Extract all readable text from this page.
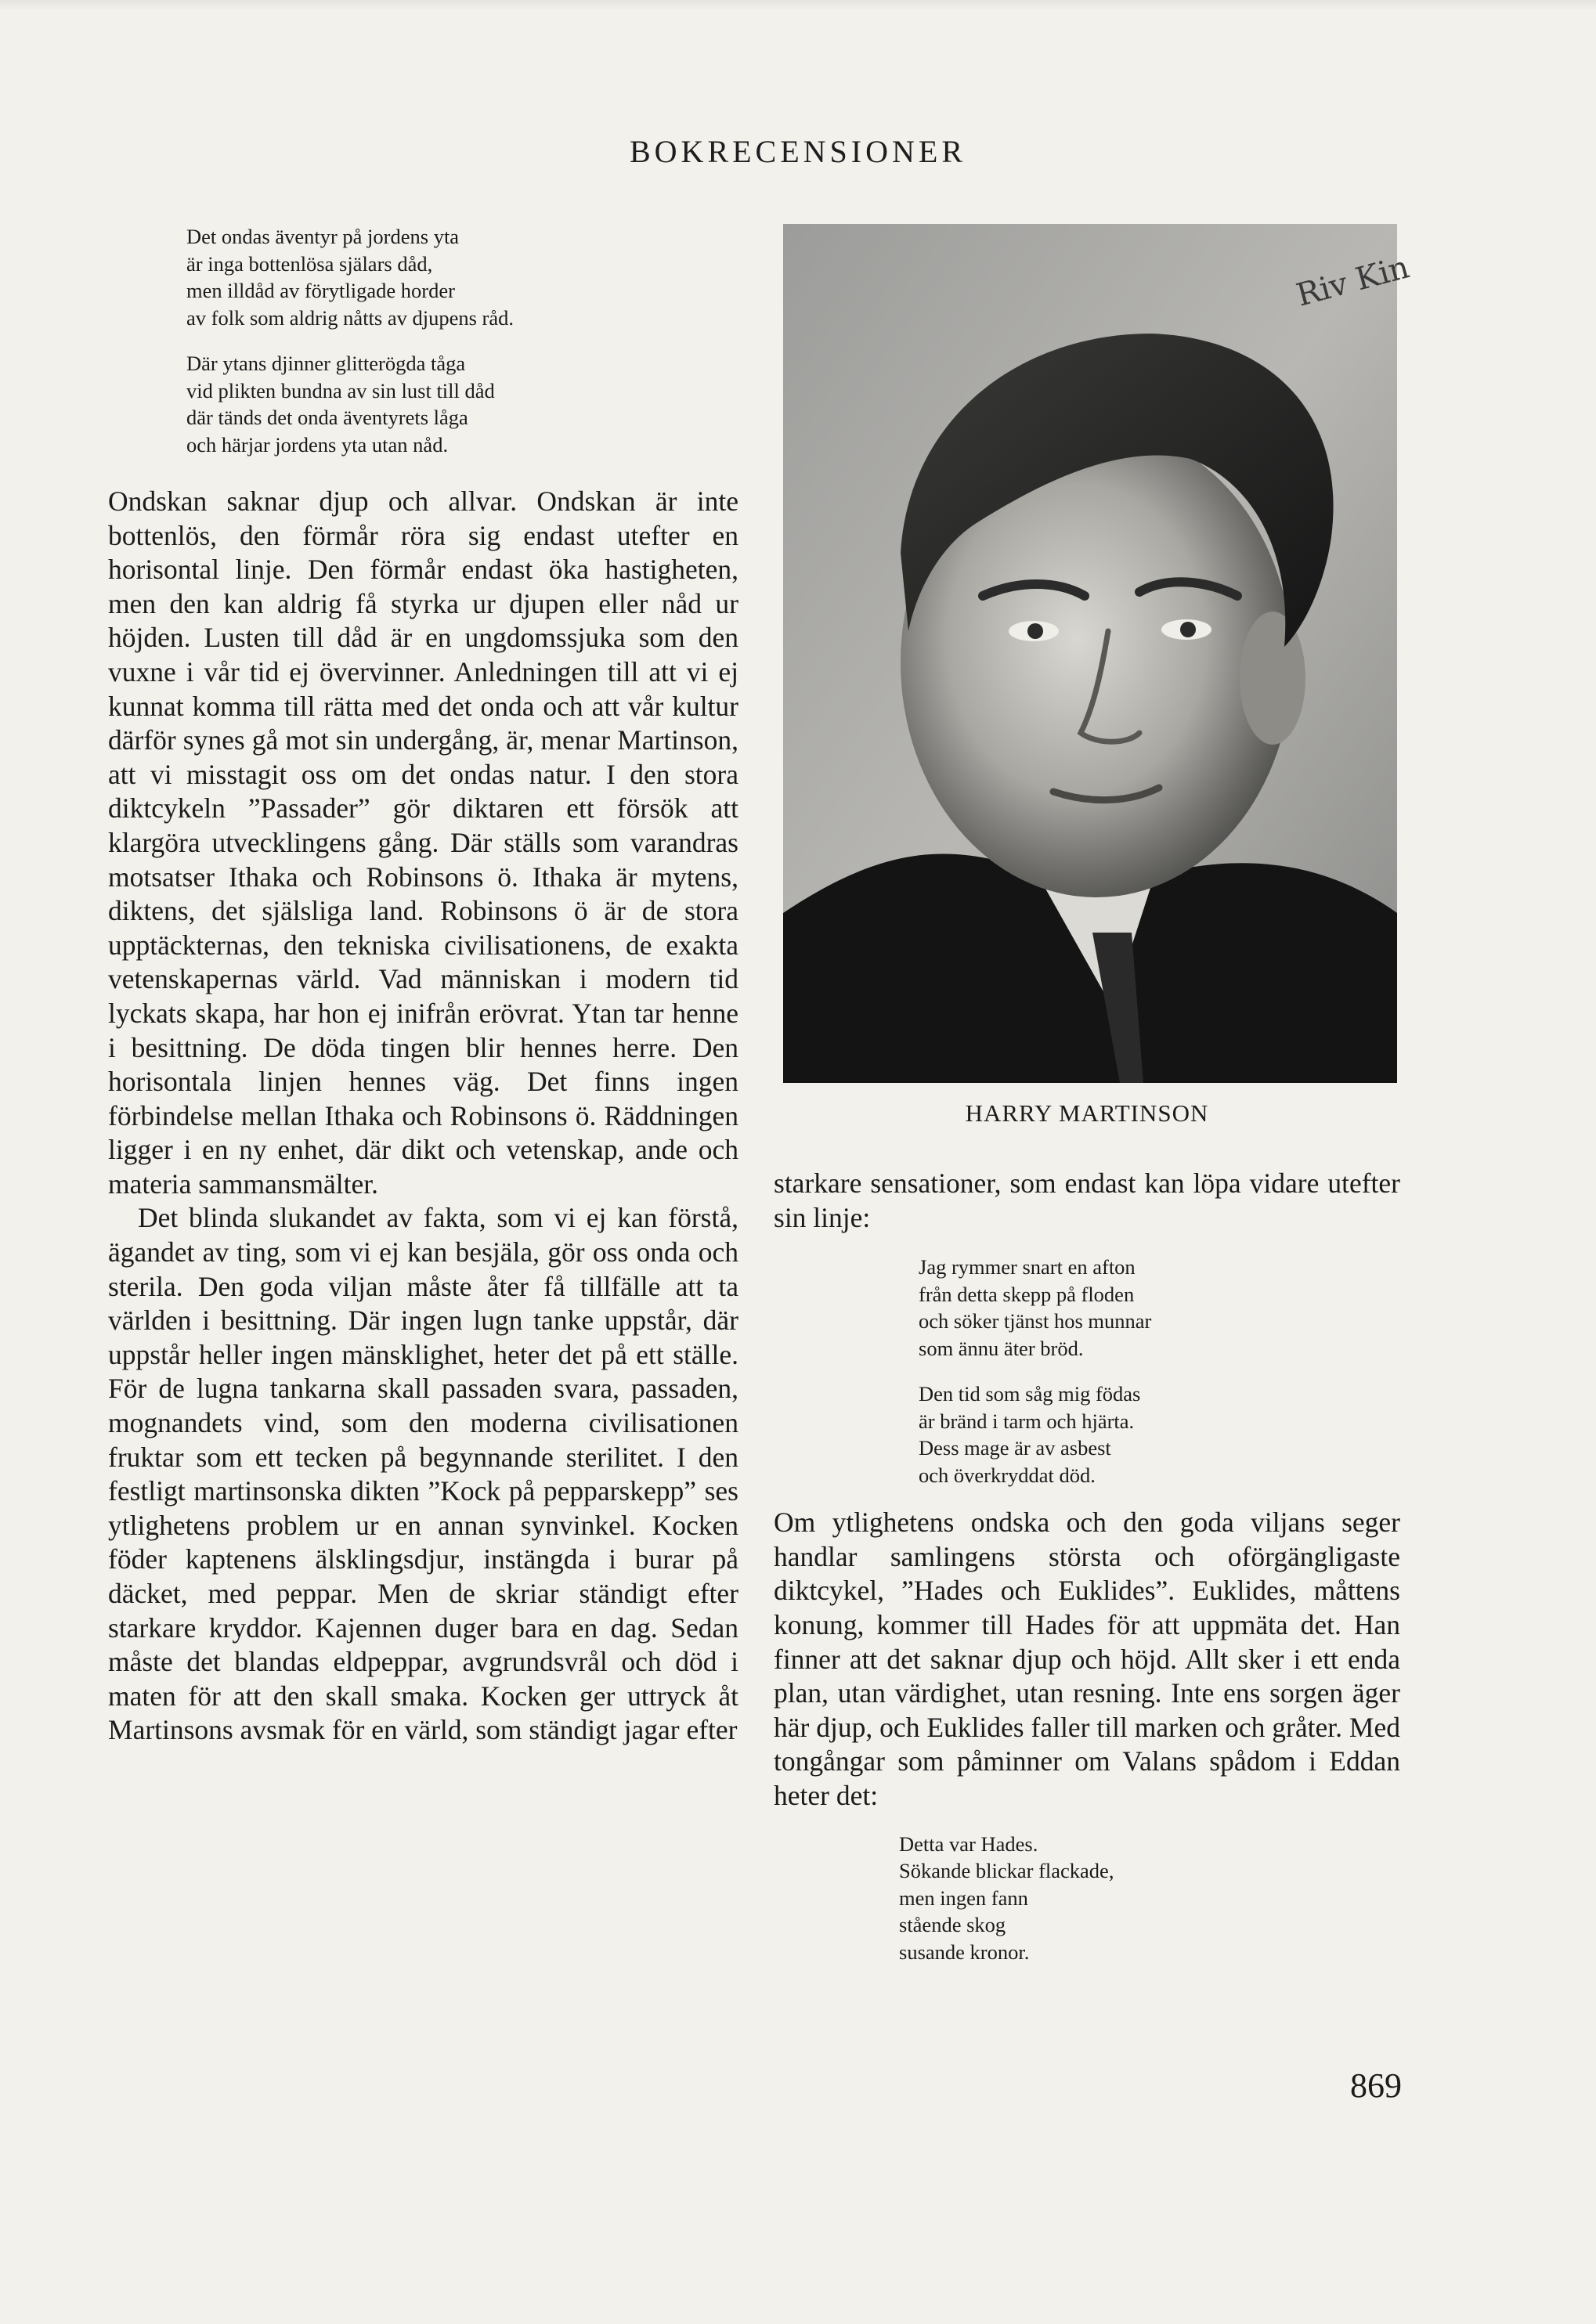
BOKRECENSIONER
Det ondas äventyr på jordens yta
är inga bottenlösa själars dåd,
men illdåd av förytligade horder
av folk som aldrig nåtts av djupens råd.
Där ytans djinner glitterögda tåga
vid plikten bundna av sin lust till dåd
där tänds det onda äventyrets låga
och härjar jordens yta utan nåd.

Ondskan saknar djup och allvar. Ondskan är inte bottenlös, den förmår röra sig endast utefter en horisontal linje. Den förmår endast öka hastigheten, men den kan aldrig få styrka ur djupen eller nåd ur höjden. Lusten till dåd är en ungdomssjuka som den vuxne i vår tid ej övervinner. Anledningen till att vi ej kunnat komma till rätta med det onda och att vår kultur därför synes gå mot sin undergång, är, menar Martinson, att vi misstagit oss om det ondas natur. I den stora diktcykeln ”Passader” gör diktaren ett försök att klargöra utvecklingens gång. Där ställs som varandras motsatser Ithaka och Robinsons ö. Ithaka är mytens, diktens, det själsliga land. Robinsons ö är de stora upptäckternas, den tekniska civilisationens, de exakta vetenskapernas värld. Vad människan i modern tid lyckats skapa, har hon ej inifrån erövrat. Ytan tar henne i besittning. De döda tingen blir hennes herre. Den horisontala linjen hennes väg. Det finns ingen förbindelse mellan Ithaka och Robinsons ö. Räddningen ligger i en ny enhet, där dikt och vetenskap, ande och materia sammansmälter.

Det blinda slukandet av fakta, som vi ej kan förstå, ägandet av ting, som vi ej kan besjäla, gör oss onda och sterila. Den goda viljan måste åter få tillfälle att ta världen i besittning. Där ingen lugn tanke uppstår, där uppstår heller ingen mänsklighet, heter det på ett ställe. För de lugna tankarna skall passaden svara, passaden, mognandets vind, som den moderna civilisationen fruktar som ett tecken på begynnande sterilitet. I den festligt martinsonska dikten ”Kock på pepparskepp” ses ytlighetens problem ur en annan synvinkel. Kocken föder kaptenens älsklingsdjur, instängda i burar på däcket, med peppar. Men de skriar ständigt efter starkare kryddor. Kajennen duger bara en dag. Sedan måste det blandas eldpeppar, avgrundsvrål och död i maten för att den skall smaka. Kocken ger uttryck åt Martinsons avsmak för en värld, som ständigt jagar efter

Riv Kin
HARRY MARTINSON

starkare sensationer, som endast kan löpa vidare utefter sin linje:

Jag rymmer snart en afton
från detta skepp på floden
och söker tjänst hos munnar
som ännu äter bröd.
Den tid som såg mig födas
är bränd i tarm och hjärta.
Dess mage är av asbest
och överkryddat död.

Om ytlighetens ondska och den goda viljans seger handlar samlingens största och oförgängligaste diktcykel, ”Hades och Euklides”. Euklides, måttens konung, kommer till Hades för att uppmäta det. Han finner att det saknar djup och höjd. Allt sker i ett enda plan, utan värdighet, utan resning. Inte ens sorgen äger här djup, och Euklides faller till marken och gråter. Med tongångar som påminner om Valans spådom i Eddan heter det:

Detta var Hades.
Sökande blickar flackade,
men ingen fann
stående skog
susande kronor.
869
